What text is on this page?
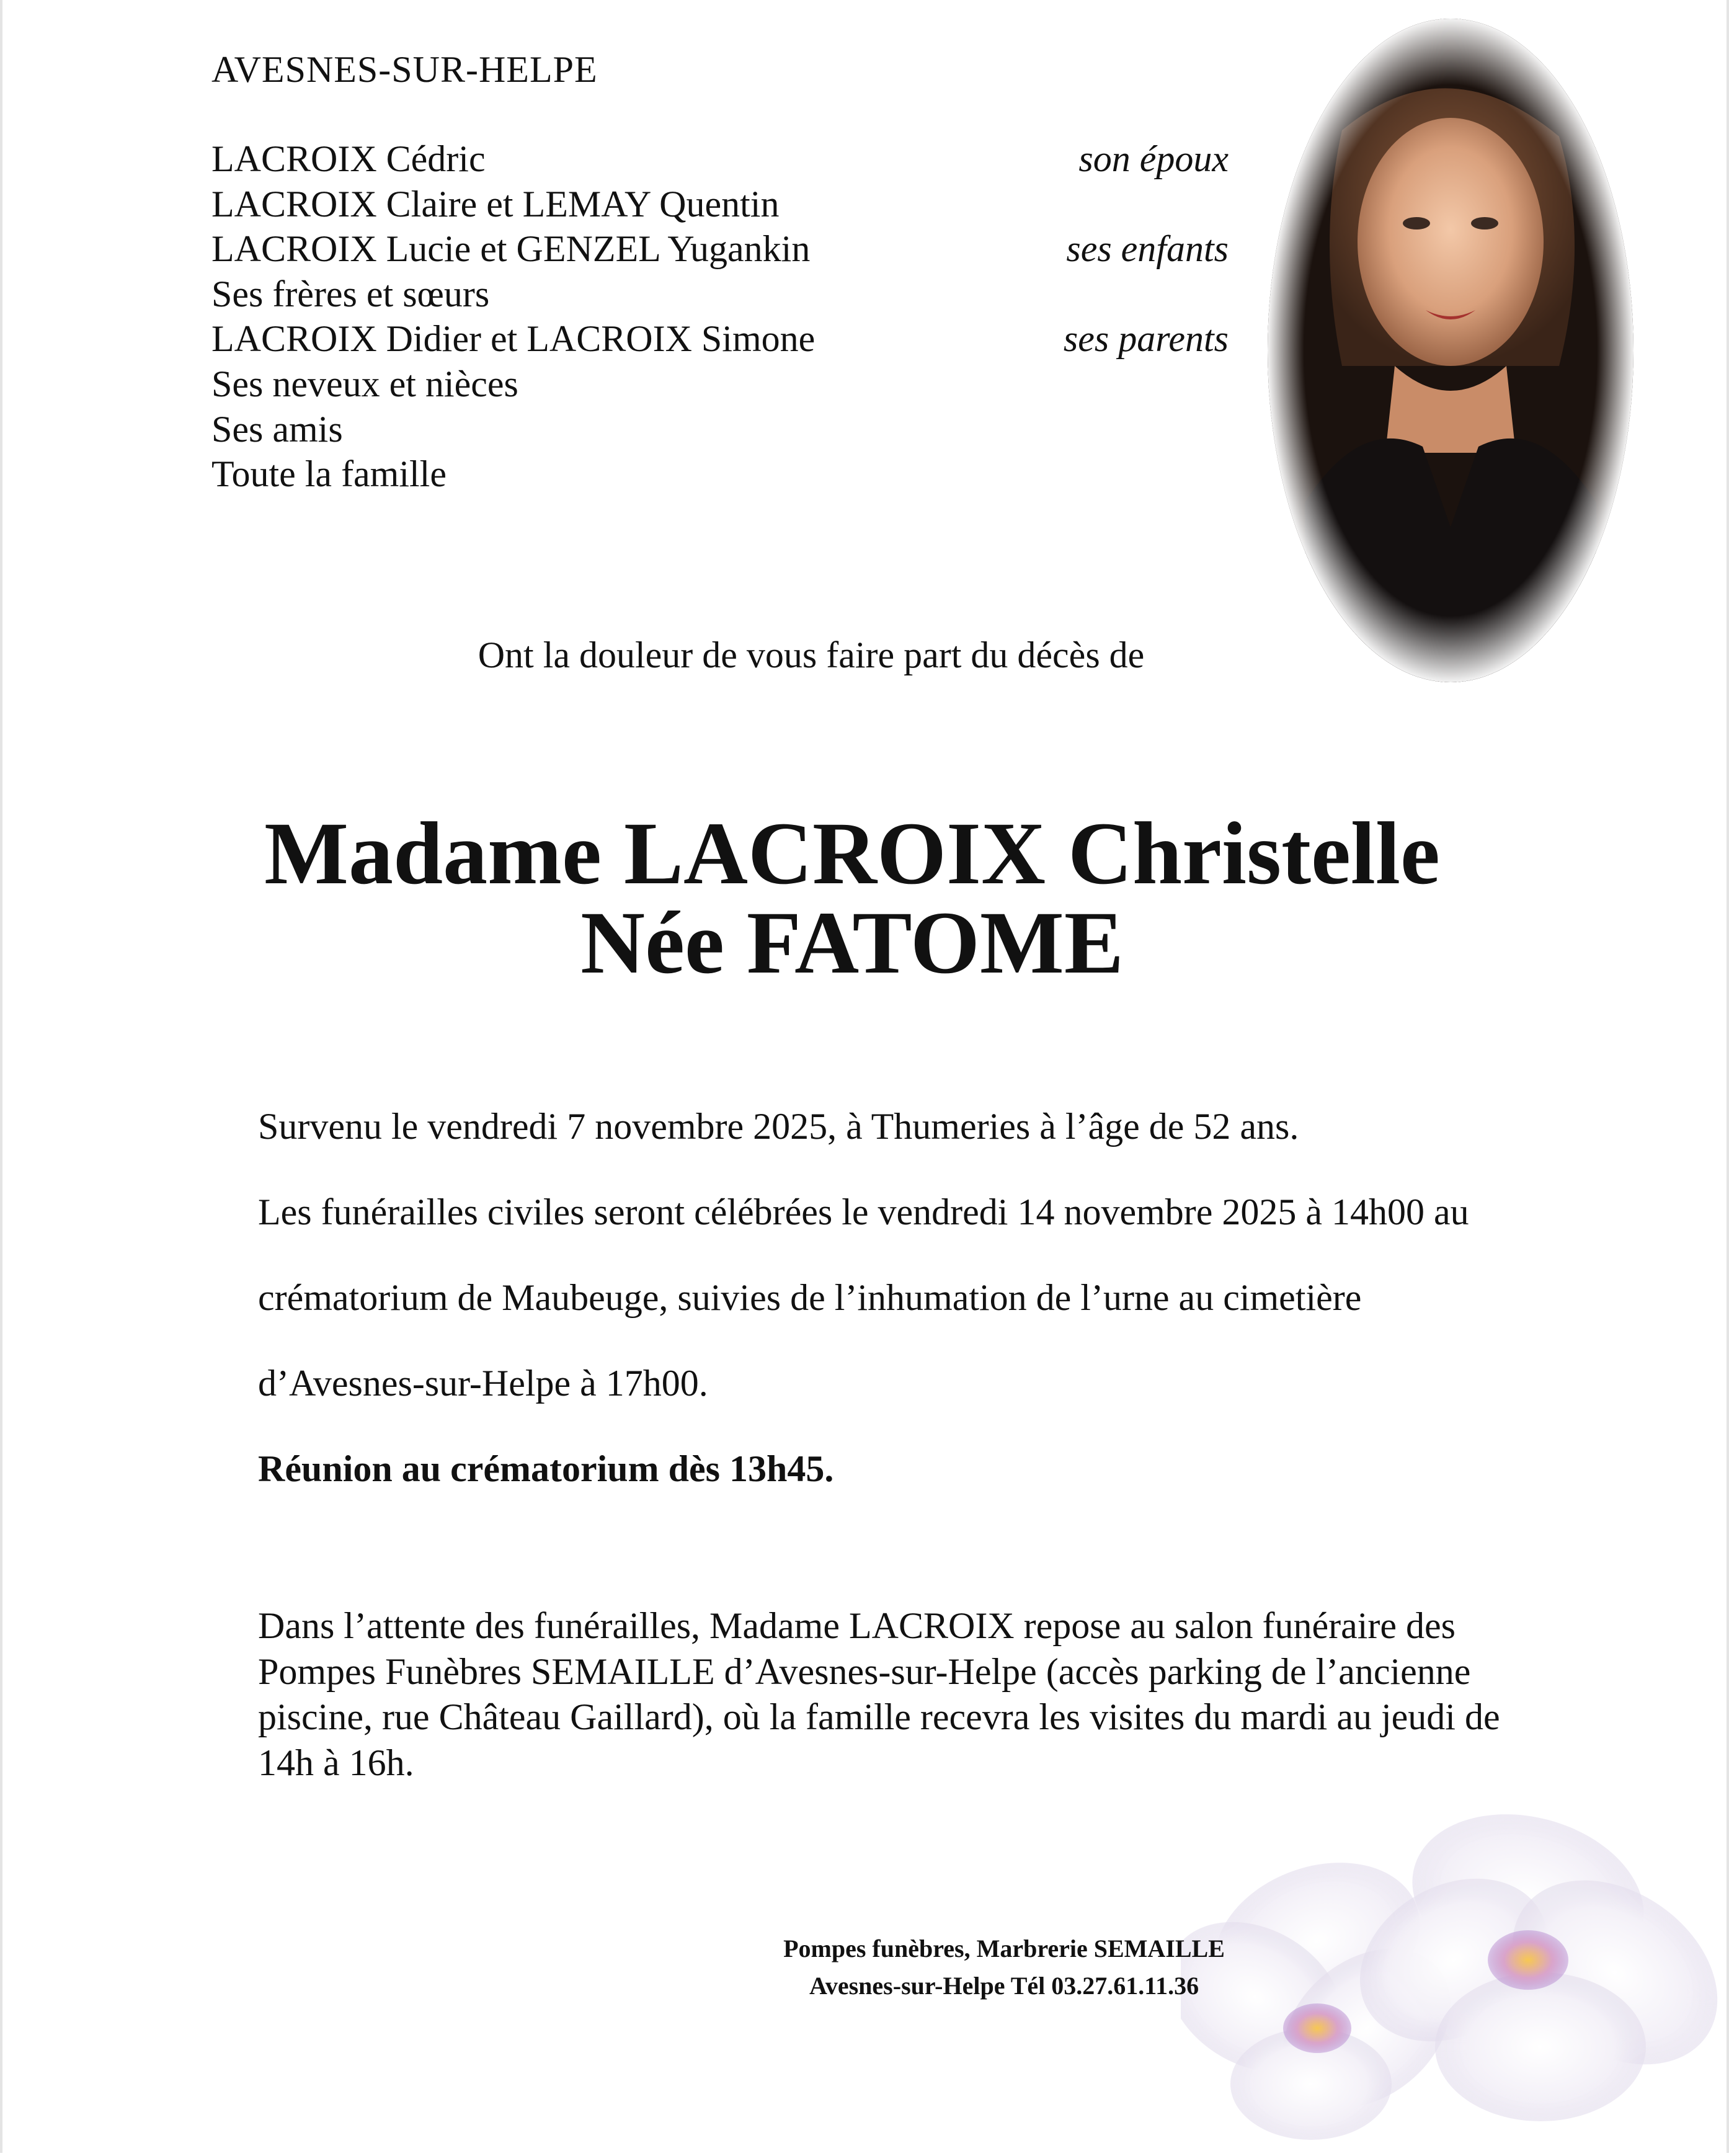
AVESNES-SUR-HELPE
LACROIX Cédric	son époux
LACROIX Claire et LEMAY Quentin
LACROIX Lucie et GENZEL Yugankin	ses enfants
Ses frères et sœurs
LACROIX Didier et LACROIX Simone	ses parents
Ses neveux et nièces
Ses amis
Toute la famille
Ont la douleur de vous faire part du décès de
Madame LACROIX Christelle
Née FATOME
Survenu le vendredi 7 novembre 2025, à Thumeries à l’âge de 52 ans.
Les funérailles civiles seront célébrées le vendredi 14 novembre 2025 à 14h00 au
crématorium de Maubeuge, suivies de l’inhumation de l’urne au cimetière
d’Avesnes-sur-Helpe à 17h00.
Réunion au crématorium dès 13h45.
Dans l’attente des funérailles, Madame LACROIX repose au salon funéraire des
Pompes Funèbres SEMAILLE d’Avesnes-sur-Helpe (accès parking de l’ancienne
piscine, rue Château Gaillard), où la famille recevra les visites du mardi au jeudi de
14h à 16h.
Pompes funèbres, Marbrerie SEMAILLE
Avesnes-sur-Helpe Tél 03.27.61.11.36
